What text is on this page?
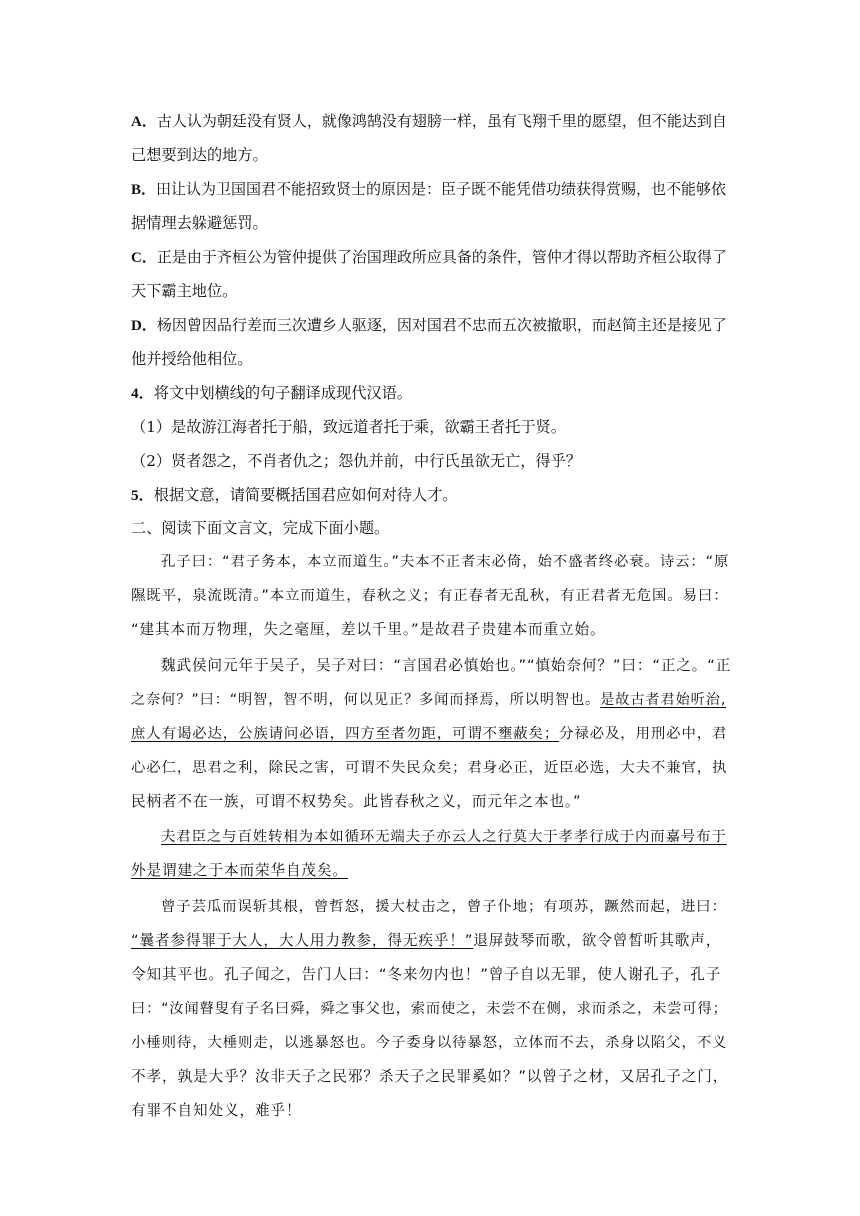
A．古人认为朝廷没有贤人，就像鸿鹄没有翅膀一样，虽有飞翔千里的愿望，但不能达到自

己想要到达的地方。

B．田让认为卫国国君不能招致贤士的原因是：臣子既不能凭借功绩获得赏赐，也不能够依

据情理去躲避惩罚。

C．正是由于齐桓公为管仲提供了治国理政所应具备的条件，管仲才得以帮助齐桓公取得了

天下霸主地位。

D．杨因曾因品行差而三次遭乡人驱逐，因对国君不忠而五次被撤职，而赵简主还是接见了

他并授给他相位。

4．将文中划横线的句子翻译成现代汉语。

（1）是故游江海者托于船，致远道者托于乘，欲霸王者托于贤。

（2）贤者怨之，不肖者仇之；怨仇并前，中行氏虽欲无亡，得乎？

5．根据文意，请简要概括国君应如何对待人才。

二、阅读下面文言文，完成下面小题。

孔子曰：“君子务本，本立而道生。”夫本不正者末必倚，始不盛者终必衰。诗云：“原

隰既平，泉流既清。”本立而道生，春秋之义；有正春者无乱秋，有正君者无危国。易曰：

“建其本而万物理，失之毫厘，差以千里。”是故君子贵建本而重立始。

魏武侯问元年于吴子，吴子对曰：“言国君必慎始也。”“慎始奈何？”曰：“正之。“正

之奈何？”曰：“明智，智不明，何以见正？多闻而择焉，所以明智也。是故古者君始听治,

庶人有谒必达，公族请问必语，四方至者勿距，可谓不壅蔽矣；分禄必及，用刑必中，君

心必仁，思君之利，除民之害，可谓不失民众矣；君身必正，近臣必选，大夫不兼官，执

民柄者不在一族，可谓不权势矣。此皆春秋之义，而元年之本也。”

夫君臣之与百姓转相为本如循环无端夫子亦云人之行莫大于孝孝行成于内而嘉号布于

外是谓建之于本而荣华自茂矣。

曾子芸瓜而误斩其根，曾哲怒，援大杖击之，曾子仆地；有项苏，蹶然而起，进曰：

“曩者参得罪于大人，大人用力教参，得无疾乎！”退屏鼓琴而歌，欲令曾皙听其歌声，

令知其平也。孔子闻之，告门人曰：“冬来勿内也！”曾子自以无罪，使人谢孔子，孔子

曰：“汝闻瞽叟有子名曰舜，舜之事父也，索而使之，未尝不在侧，求而杀之，未尝可得；

小棰则待，大棰则走，以逃暴怒也。今子委身以待暴怒，立体而不去，杀身以陷父，不义

不孝，孰是大乎？汝非天子之民邪？杀天子之民罪奚如？”以曾子之材，又居孔子之门，

有罪不自知处义，难乎！
